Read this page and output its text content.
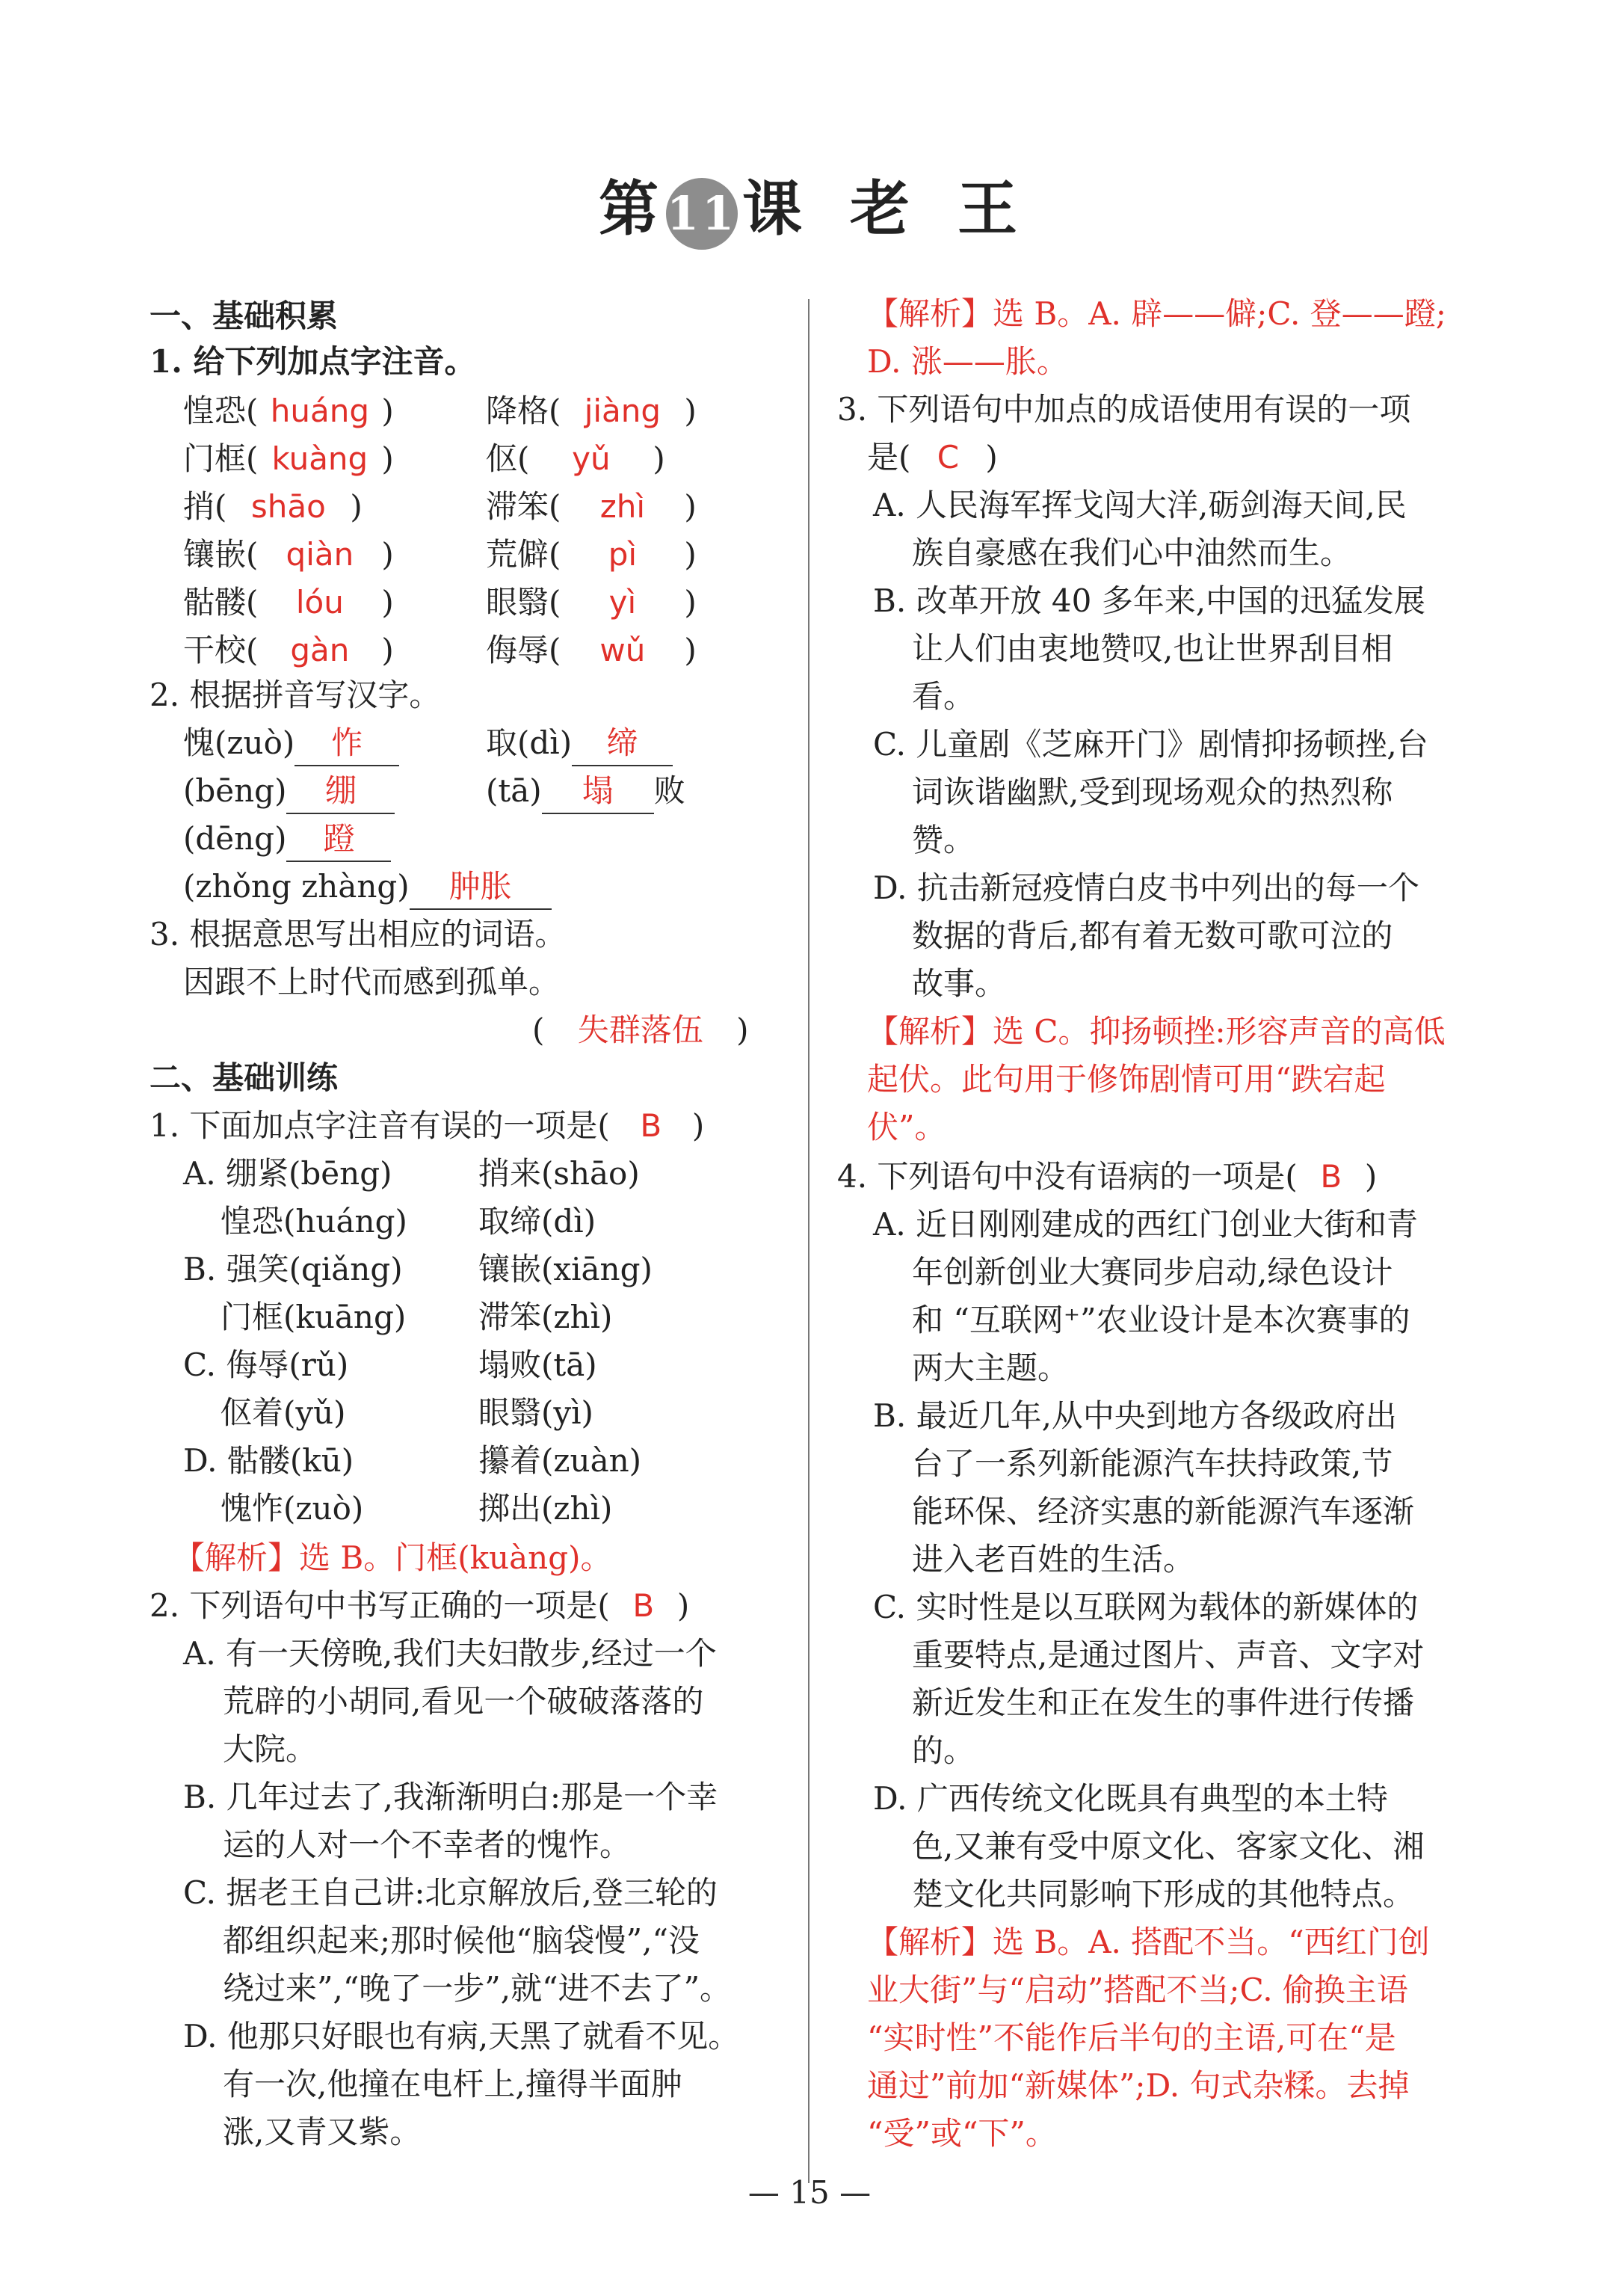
第 11课 老 王
一、基础积累
1. 给下列加点字注音。
惶恐( huáng )	降格( jiàng )
门框( kuàng )	伛( yǔ )
捎( shāo )	滞笨( zhì )
镶嵌( qiàn )	荒僻( pì )
骷髅( lóu )	眼翳( yì )
干校( gàn )	侮辱( wǔ )
2. 根据拼音写汉字。
愧(zuò) 怍	取(dì) 缔
(bēng) 绷	(tā) 塌 败
(dēng) 蹬
(zhǒng zhàng) 肿胀
3. 根据意思写出相应的词语。
因跟不上时代而感到孤单。
( 失群落伍 )
二、基础训练
1. 下面加点字注音有误的一项是( B )
A. 绷紧(bēng)	捎来(shāo)
惶恐(huáng) 取缔(dì)
B. 强笑(qiǎng) 镶嵌(xiāng)
门框(kuāng) 滞笨(zhì)
C. 侮辱(rǔ)	塌败(tā)
伛着(yǔ)	眼翳(yì)
D. 骷髅(kū)	攥着(zuàn)
愧怍(zuò)	掷出(zhì)
【解析】选 B。门框(kuàng)。
2. 下列语句中书写正确的一项是( B )
A. 有一天傍晚,我们夫妇散步,经过一个
荒辟的小胡同,看见一个破破落落的
大院。
B. 几年过去了,我渐渐明白:那是一个幸
运的人对一个不幸者的愧怍。
C. 据老王自己讲:北京解放后,登三轮的
都组织起来;那时候他“脑袋慢”,“没
绕过来”,“晚了一步”,就“进不去了”。
D. 他那只好眼也有病,天黑了就看不见。
有一次,他撞在电杆上,撞得半面肿
涨,又青又紫。
【解析】选 B。A. 辟——僻;C. 登——蹬;
D. 涨——胀。
3. 下列语句中加点的成语使用有误的一项
是( C )
A. 人民海军挥戈闯大洋,砺剑海天间,民
族自豪感在我们心中油然而生。
B. 改革开放 40 多年来,中国的迅猛发展
让人们由衷地赞叹,也让世界刮目相
看。
C. 儿童剧《芝麻开门》剧情抑扬顿挫,台
词诙谐幽默,受到现场观众的热烈称
赞。
D. 抗击新冠疫情白皮书中列出的每一个
数据的背后,都有着无数可歌可泣的
故事。
【解析】选 C。抑扬顿挫:形容声音的高低
起伏。此句用于修饰剧情可用“跌宕起
伏”。
4. 下列语句中没有语病的一项是( B )
A. 近日刚刚建成的西红门创业大街和青
年创新创业大赛同步启动,绿色设计
和 “互联网⁺”农业设计是本次赛事的
两大主题。
B. 最近几年,从中央到地方各级政府出
台了一系列新能源汽车扶持政策,节
能环保、经济实惠的新能源汽车逐渐
进入老百姓的生活。
C. 实时性是以互联网为载体的新媒体的
重要特点,是通过图片、声音、文字对
新近发生和正在发生的事件进行传播
的。
D. 广西传统文化既具有典型的本土特
色,又兼有受中原文化、客家文化、湘
楚文化共同影响下形成的其他特点。
【解析】选 B。A. 搭配不当。“西红门创
业大街”与“启动”搭配不当;C. 偷换主语
“实时性”不能作后半句的主语,可在“是
通过”前加“新媒体”;D. 句式杂糅。去掉
“受”或“下”。
— 15 —
